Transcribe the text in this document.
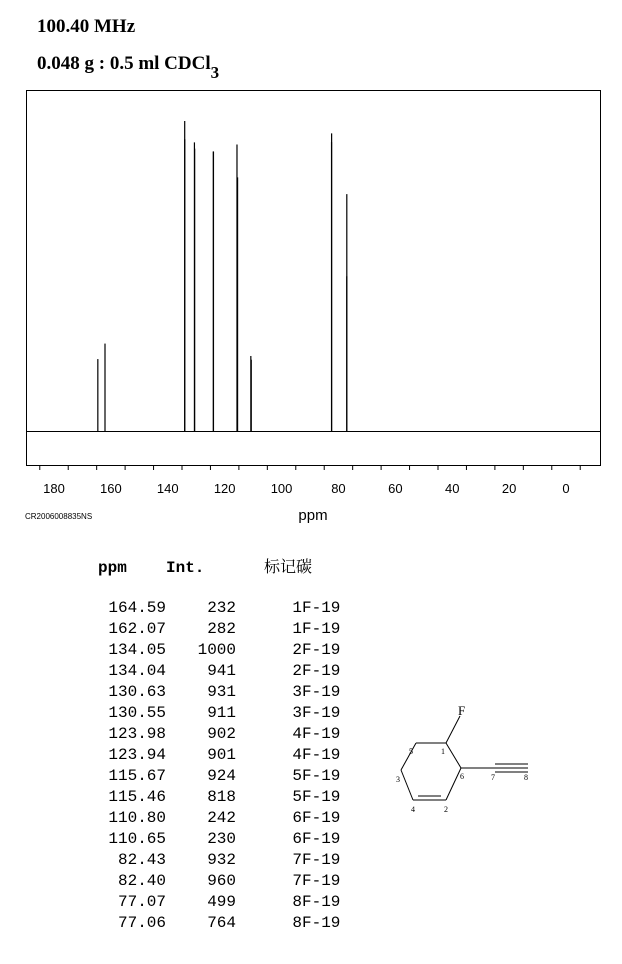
100.40 MHz
0.048 g : 0.5 ml CDCl$_3$
180	160	140	120	100	80	60	40	20	0
ppm
CR2006008835NS
ppm	Int.	标记碳	

164.59	232	1	F-19
162.07	282	1	F-19
134.05	1000	2	F-19
134.04	941	2	F-19
130.63	931	3	F-19
130.55	911	3	F-19
123.98	902	4	F-19
123.94	901	4	F-19
115.67	924	5	F-19
115.46	818	5	F-19
110.80	242	6	F-19
110.65	230	6	F-19
82.43	932	7	F-19
82.40	960	7	F-19
77.07	499	8	F-19
77.06	764	8	F-19
F
1
2
3
4
5
6	7	8
